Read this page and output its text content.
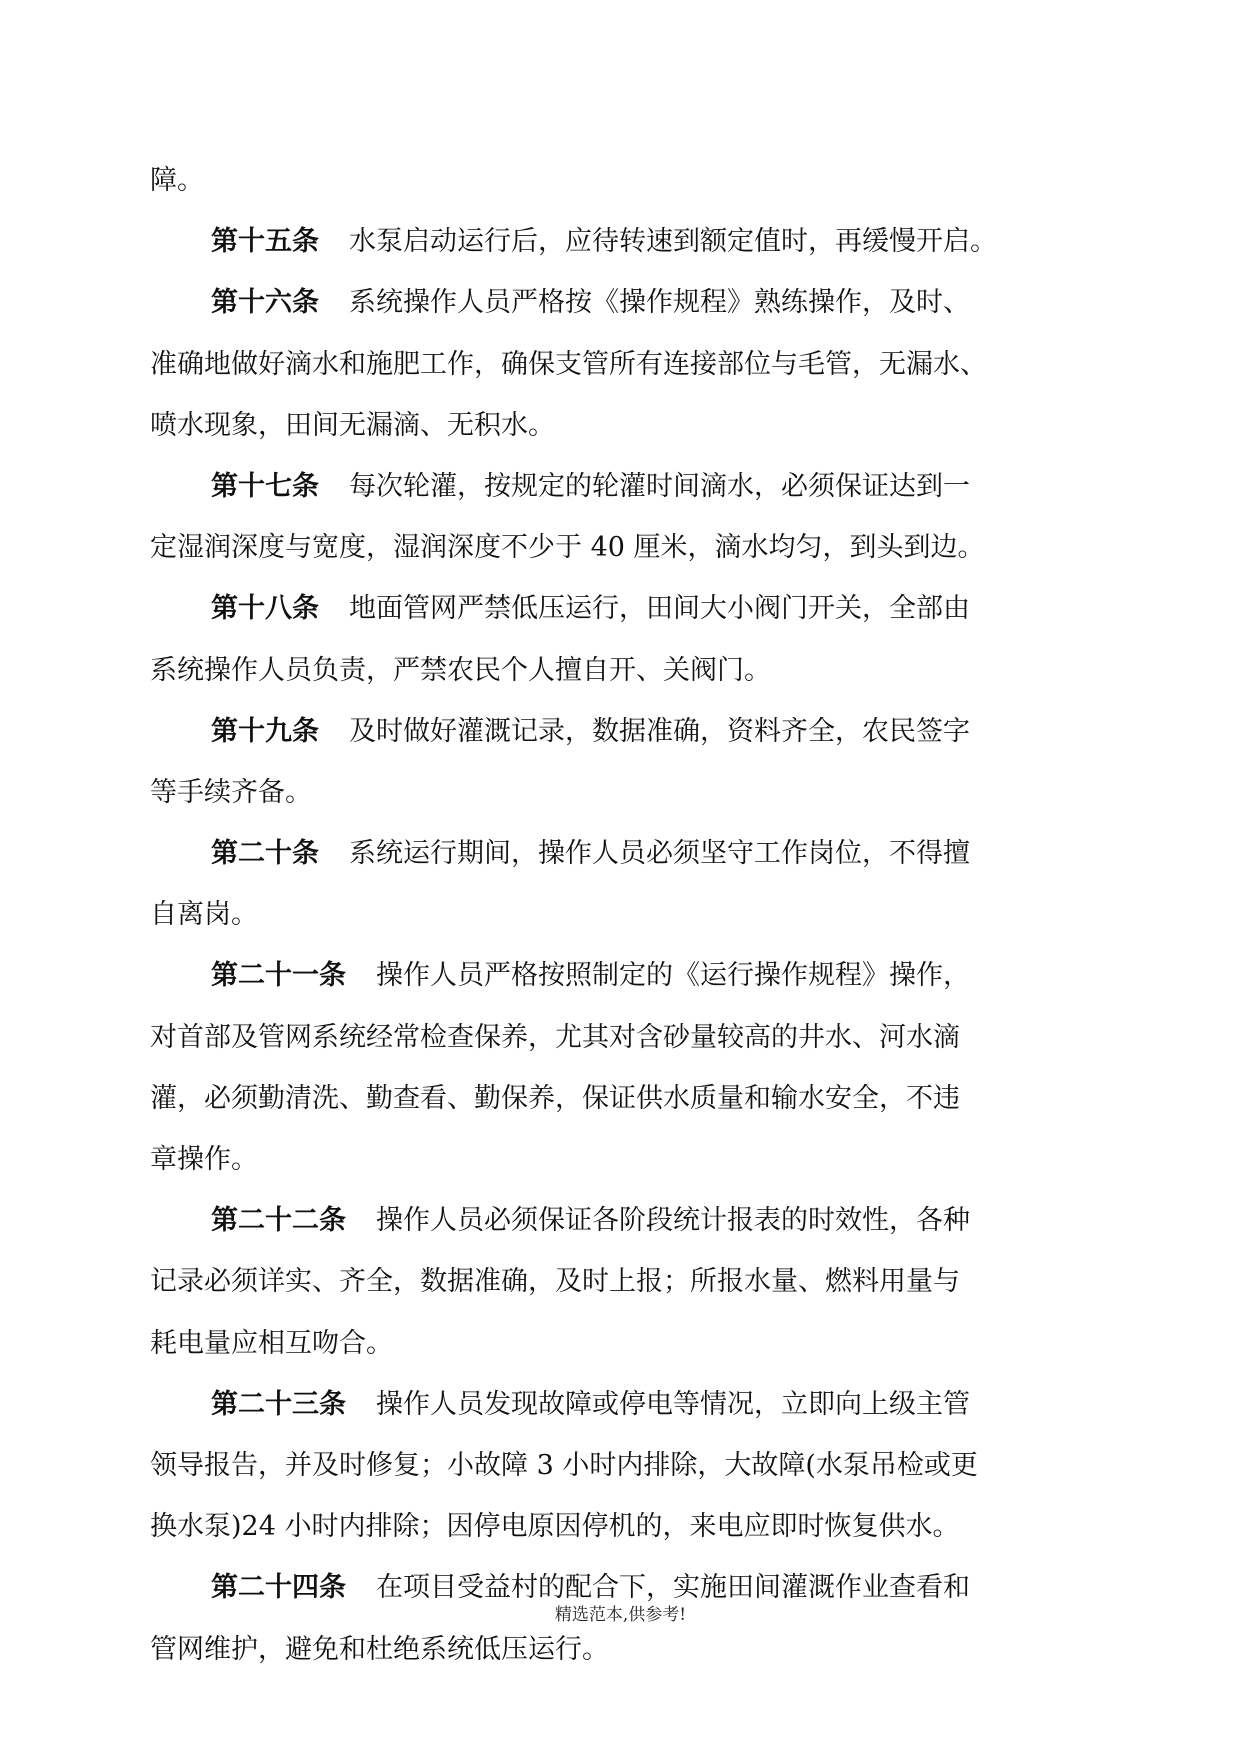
障。
第十五条 水泵启动运行后，应待转速到额定值时，再缓慢开启。
第十六条 系统操作人员严格按《操作规程》熟练操作，及时、
准确地做好滴水和施肥工作，确保支管所有连接部位与毛管，无漏水、
喷水现象，田间无漏滴、无积水。
第十七条 每次轮灌，按规定的轮灌时间滴水，必须保证达到一
定湿润深度与宽度，湿润深度不少于 40 厘米，滴水均匀，到头到边。
第十八条 地面管网严禁低压运行，田间大小阀门开关，全部由
系统操作人员负责，严禁农民个人擅自开、关阀门。
第十九条 及时做好灌溉记录，数据准确，资料齐全，农民签字
等手续齐备。
第二十条 系统运行期间，操作人员必须坚守工作岗位，不得擅
自离岗。
第二十一条 操作人员严格按照制定的《运行操作规程》操作，
对首部及管网系统经常检查保养，尤其对含砂量较高的井水、河水滴
灌，必须勤清洗、勤查看、勤保养，保证供水质量和输水安全，不违
章操作。
第二十二条 操作人员必须保证各阶段统计报表的时效性，各种
记录必须详实、齐全，数据准确，及时上报；所报水量、燃料用量与
耗电量应相互吻合。
第二十三条 操作人员发现故障或停电等情况，立即向上级主管
领导报告，并及时修复；小故障 3 小时内排除，大故障(水泵吊检或更
换水泵)24 小时内排除；因停电原因停机的，来电应即时恢复供水。
第二十四条 在项目受益村的配合下，实施田间灌溉作业查看和
管网维护，避免和杜绝系统低压运行。
精选范本,供参考!
